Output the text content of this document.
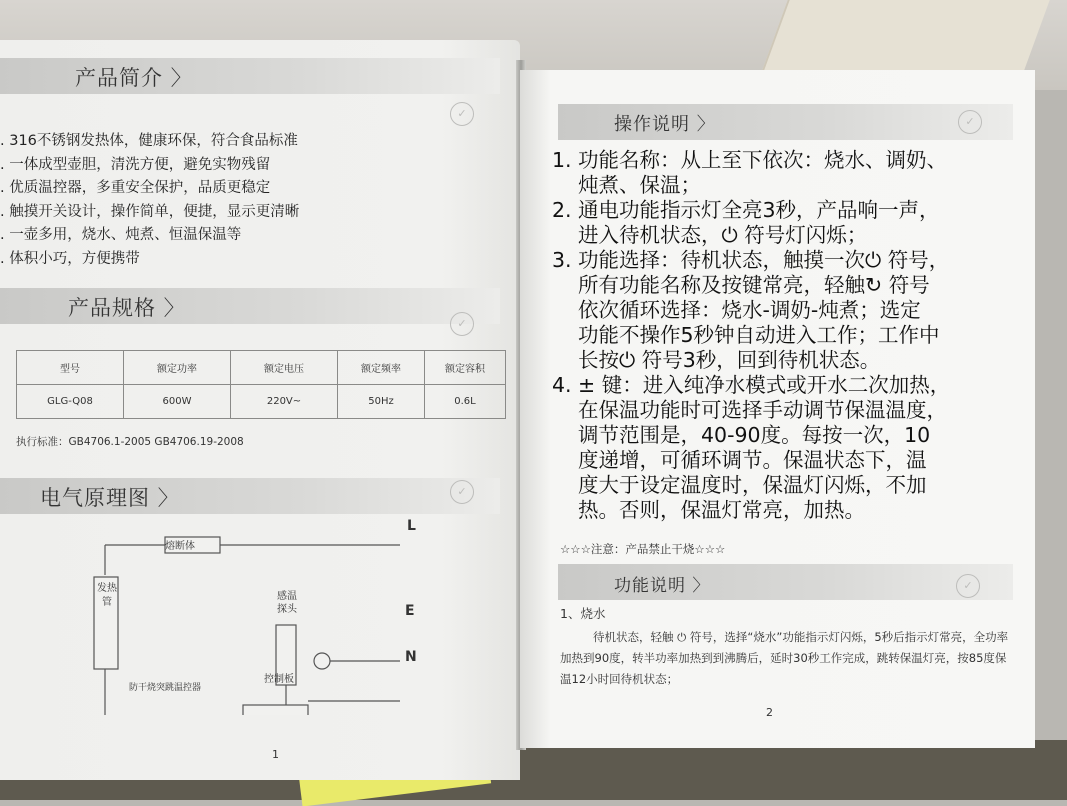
产品简介 〉
✓
. 316不锈钢发热体，健康环保，符合食品标准
. 一体成型壶胆，清洗方便，避免实物残留
. 优质温控器，多重安全保护，品质更稳定
. 触摸开关设计，操作简单，便捷，显示更清晰
. 一壶多用，烧水、炖煮、恒温保温等
. 体积小巧，方便携带
产品规格 〉
✓
型号	额定功率	额定电压	额定频率	额定容积
GLG-Q08	600W	220V~	50Hz	0.6L
执行标准：GB4706.1-2005 GB4706.19-2008
电气原理图 〉	✓
熔断体
发热管
感温探头
防干烧突跳温控器
控制板
L
E
N
1
操作说明 〉	✓
1. 功能名称：从上至下依次：烧水、调奶、
炖煮、保温；
2. 通电功能指示灯全亮3秒，产品响一声，
进入待机状态，⏻ 符号灯闪烁；
3. 功能选择：待机状态，触摸一次⏻ 符号，
所有功能名称及按键常亮，轻触↻ 符号
依次循环选择：烧水-调奶-炖煮；选定
功能不操作5秒钟自动进入工作；工作中
长按⏻ 符号3秒，回到待机状态。
4. ± 键：进入纯净水模式或开水二次加热，
在保温功能时可选择手动调节保温温度，
调节范围是，40-90度。每按一次，10
度递增，可循环调节。保温状态下，温
度大于设定温度时，保温灯闪烁，不加
热。否则，保温灯常亮，加热。
☆☆☆注意：产品禁止干烧☆☆☆
功能说明 〉	✓
1、烧水
待机状态，轻触 ⏻ 符号，选择“烧水”功能指示灯闪烁，5秒后指示灯常亮，全功率加热到90度，转半功率加热到到沸腾后，延时30秒工作完成，跳转保温灯亮，按85度保温12小时回待机状态；
2
